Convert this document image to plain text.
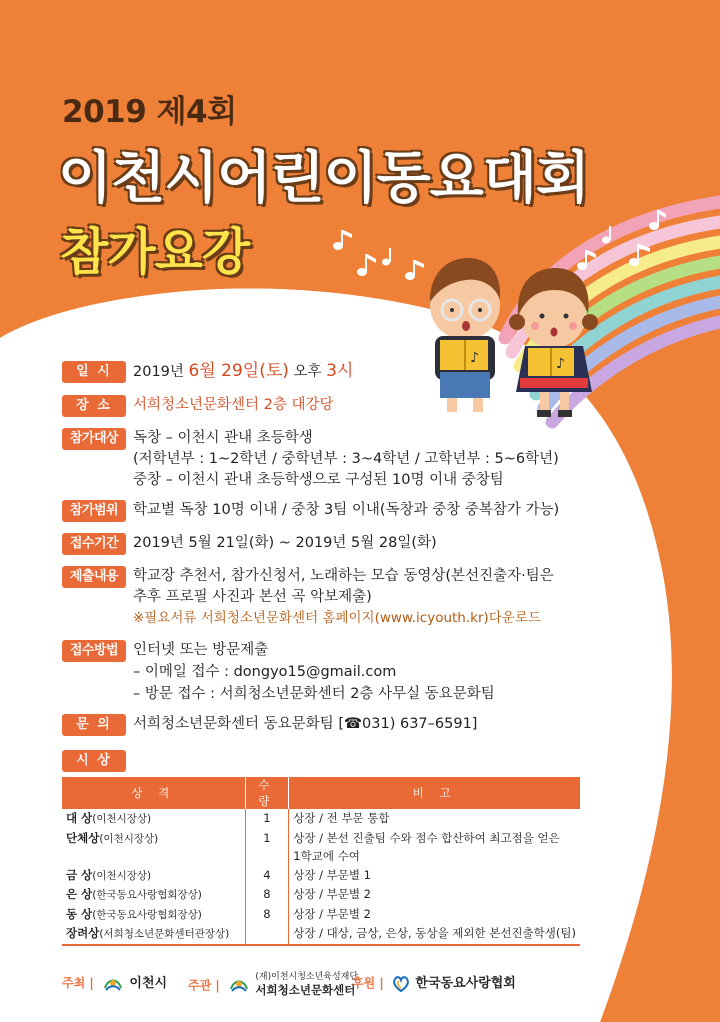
♪	♪
2019 제4회
이천시어린이동요대회
참가요강
일 시	2019년 6월 29일(토) 오후 3시
장 소	서희청소년문화센터 2층 대강당
참가대상	독창 – 이천시 관내 초등학생
(저학년부 : 1~2학년 / 중학년부 : 3~4학년 / 고학년부 : 5~6학년)
중창 – 이천시 관내 초등학생으로 구성된 10명 이내 중창팀
참가범위	학교별 독창 10명 이내 / 중창 3팀 이내(독창과 중창 중복참가 가능)
접수기간	2019년 5월 21일(화) ~ 2019년 5월 28일(화)
제출내용	학교장 추천서, 참가신청서, 노래하는 모습 동영상(본선진출자·팀은
추후 프로필 사진과 본선 곡 악보제출)
※필요서류 서희청소년문화센터 홈페이지(www.icyouth.kr)다운로드
접수방법	인터넷 또는 방문제출
– 이메일 접수 : dongyo15@gmail.com
– 방문 접수 : 서희청소년문화센터 2층 사무실 동요문화팀
문 의	서희청소년문화센터 동요문화팀 [☎031) 637–6591]
시 상
상 격	수 량	비 고
대 상(이천시장상)	1	상장 / 전 부문 통합
단체상(이천시장상)	1	상장 / 본선 진출팀 수와 점수 합산하여 최고점을 얻은
1학교에 수여

금 상(이천시장상)	4	상장 / 부문별 1
은 상(한국동요사랑협회장상)	8	상장 / 부문별 2
동 상(한국동요사랑협회장상)	8	상장 / 부문별 2
장려상(서희청소년문화센터관장상)		상장 / 대상, 금상, 은상, 동상을 제외한 본선진출학생(팀)
주최 |	이천시 주관 |
(재)이천시청소년육성재단
서희청소년문화센터
후원 | 한국동요사랑협회
